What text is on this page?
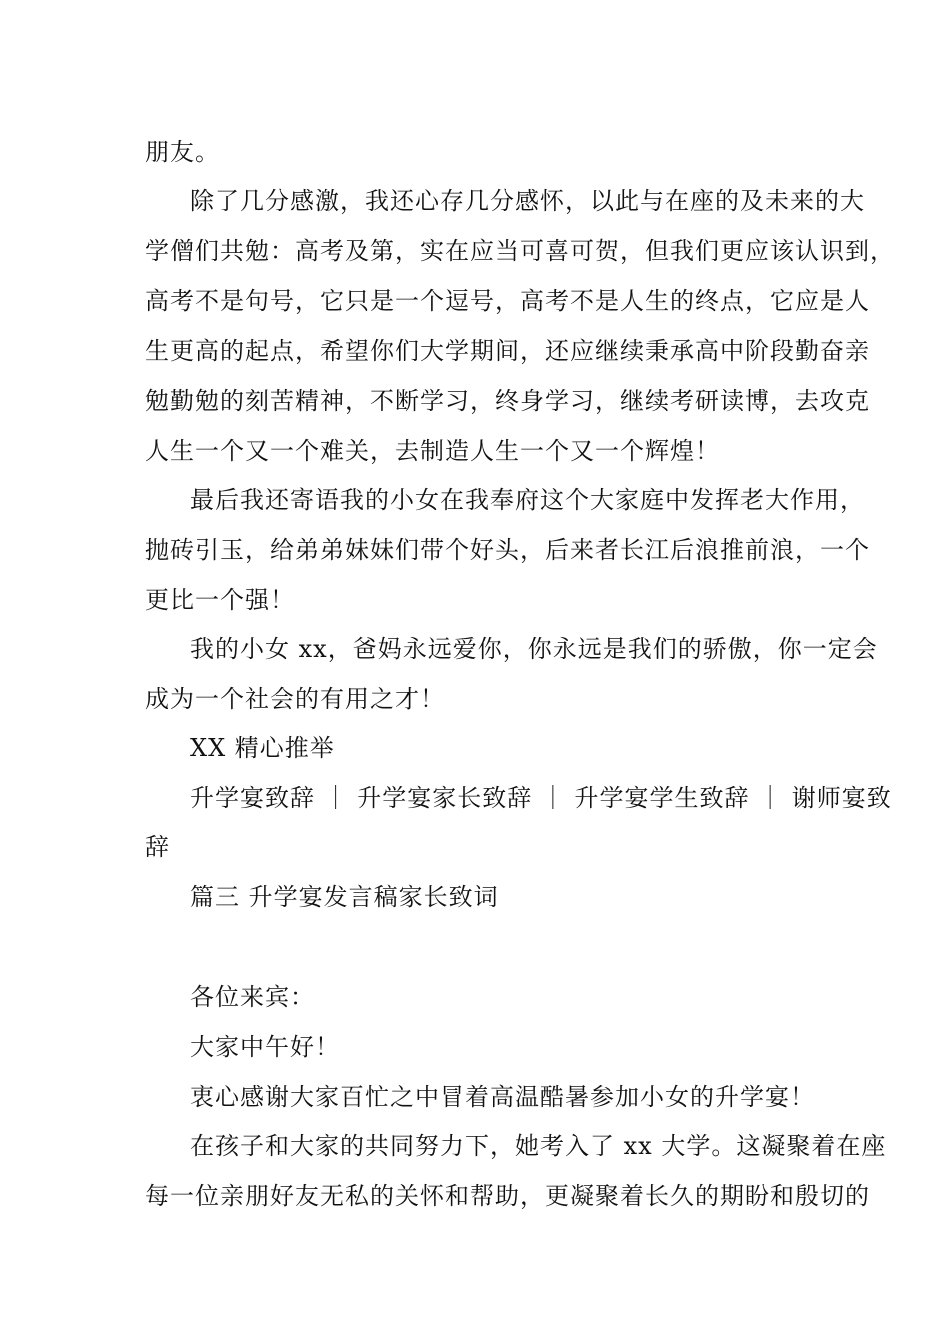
朋友。
除了几分感激，我还心存几分感怀，以此与在座的及未来的大
学僧们共勉：高考及第，实在应当可喜可贺，但我们更应该认识到，
高考不是句号，它只是一个逗号，高考不是人生的终点，它应是人
生更高的起点，希望你们大学期间，还应继续秉承高中阶段勤奋亲
勉勤勉的刻苦精神，不断学习，终身学习，继续考研读博，去攻克
人生一个又一个难关，去制造人生一个又一个辉煌！
最后我还寄语我的小女在我奉府这个大家庭中发挥老大作用，
抛砖引玉，给弟弟妹妹们带个好头，后来者长江后浪推前浪，一个
更比一个强！
我的小女 xx，爸妈永远爱你，你永远是我们的骄傲，你一定会
成为一个社会的有用之才！
XX 精心推举
升学宴致辞 ｜ 升学宴家长致辞 ｜ 升学宴学生致辞 ｜ 谢师宴致
辞
篇三 升学宴发言稿家长致词
各位来宾：
大家中午好！
衷心感谢大家百忙之中冒着高温酷暑参加小女的升学宴！
在孩子和大家的共同努力下，她考入了 xx 大学。这凝聚着在座
每一位亲朋好友无私的关怀和帮助，更凝聚着长久的期盼和殷切的
